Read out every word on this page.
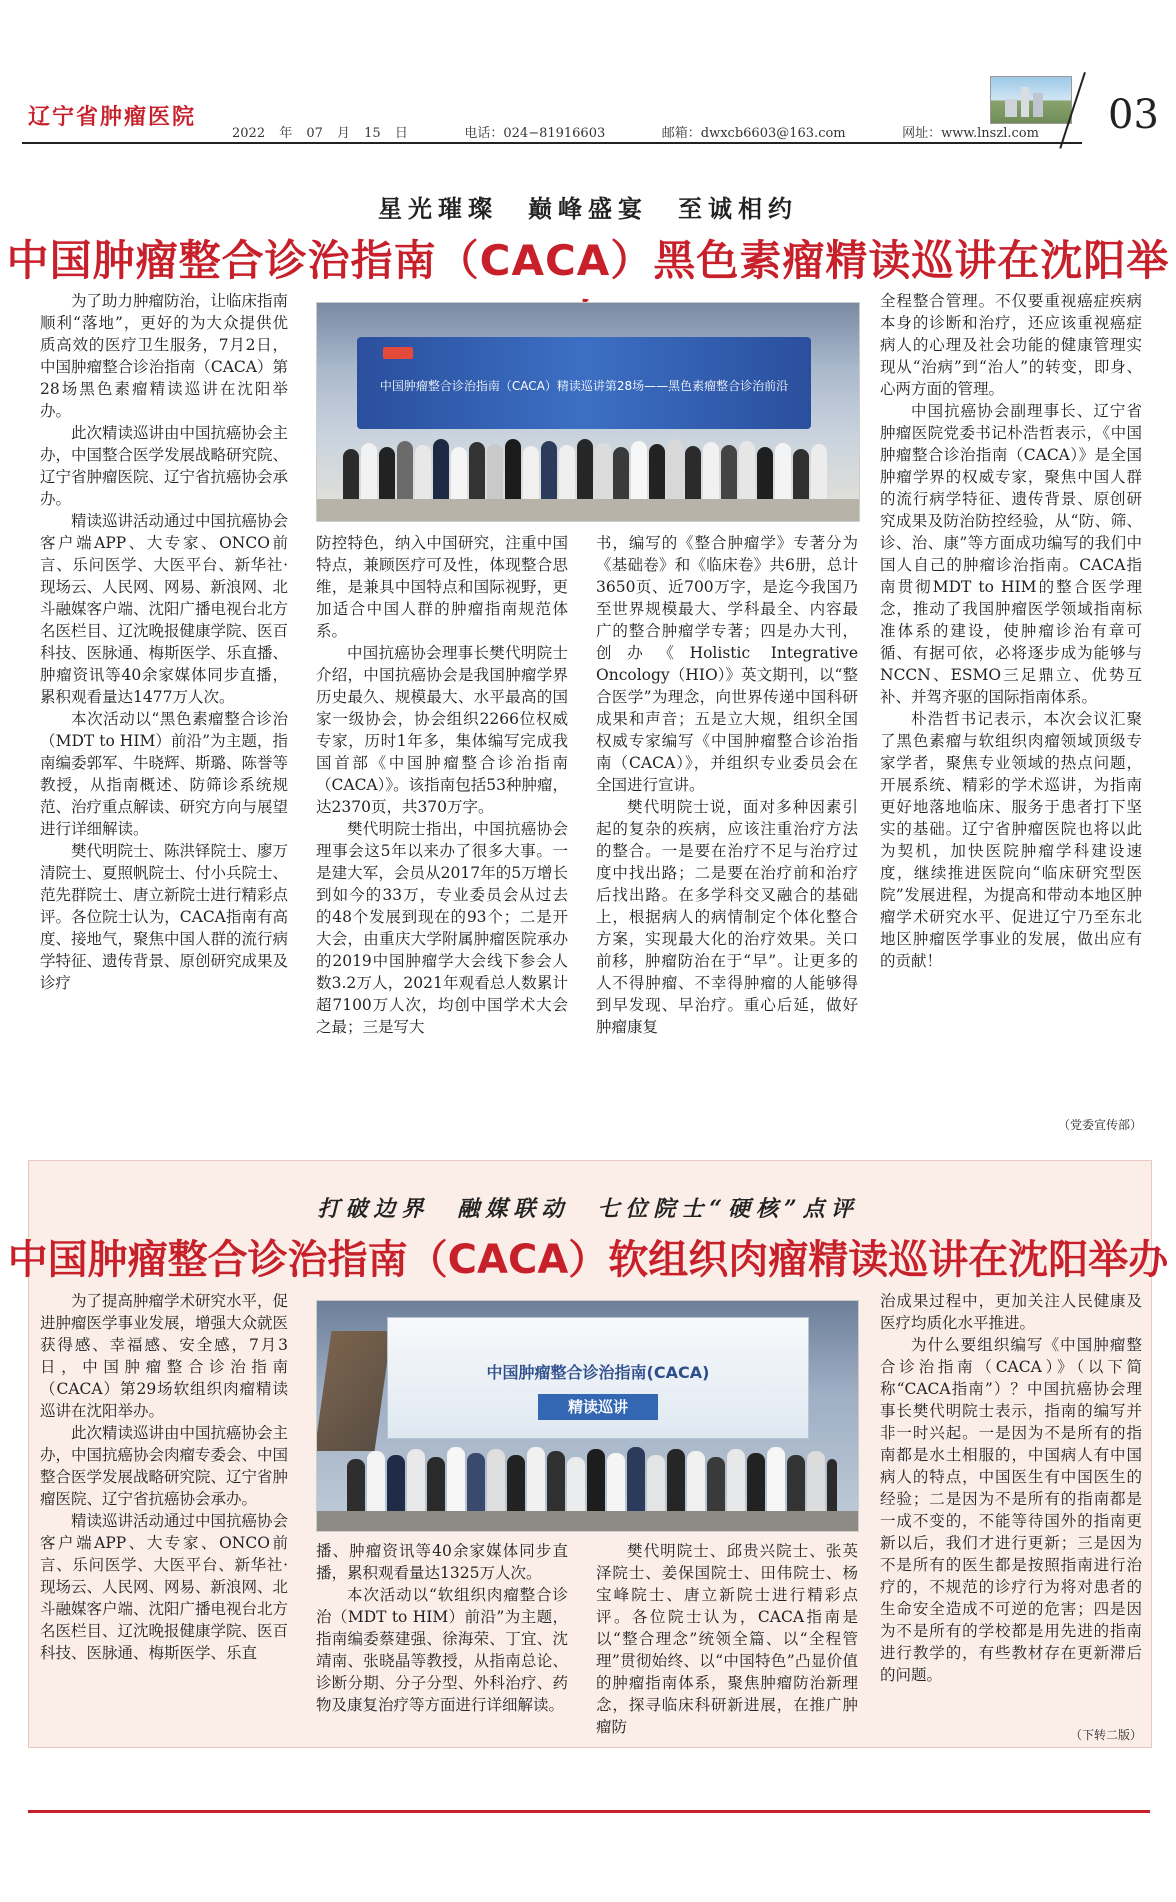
辽宁省肿瘤医院
2022 年 07 月 15 日	电话：024−81916603	邮箱：dwxcb6603@163.com	网址：www.lnszl.com 03
星光璀璨　巅峰盛宴　至诚相约
中国肿瘤整合诊治指南（CACA）黑色素瘤精读巡讲在沈阳举

为了助力肿瘤防治，让临床指南顺利“落地”，更好的为大众提供优质高效的医疗卫生服务，7月2日，中国肿瘤整合诊治指南（CACA）第28场黑色素瘤精读巡讲在沈阳举办。

此次精读巡讲由中国抗癌协会主办，中国整合医学发展战略研究院、辽宁省肿瘤医院、辽宁省抗癌协会承办。

精读巡讲活动通过中国抗癌协会客户端APP、大专家、ONCO前言、乐问医学、大医平台、新华社·现场云、人民网、网易、新浪网、北斗融媒客户端、沈阳广播电视台北方名医栏目、辽沈晚报健康学院、医百科技、医脉通、梅斯医学、乐直播、肿瘤资讯等40余家媒体同步直播，累积观看量达1477万人次。

本次活动以“黑色素瘤整合诊治（MDT to HIM）前沿”为主题，指南编委郭军、牛晓辉、斯璐、陈誉等教授，从指南概述、防筛诊系统规范、治疗重点解读、研究方向与展望进行详细解读。

樊代明院士、陈洪铎院士、廖万清院士、夏照帆院士、付小兵院士、范先群院士、唐立新院士进行精彩点评。各位院士认为，CACA指南有高度、接地气，聚焦中国人群的流行病学特征、遗传背景、原创研究成果及诊疗

中国肿瘤整合诊治指南（CACA）精读巡讲第28场——黑色素瘤整合诊治前沿

防控特色，纳入中国研究，注重中国特点，兼顾医疗可及性，体现整合思维，是兼具中国特点和国际视野，更加适合中国人群的肿瘤指南规范体系。

中国抗癌协会理事长樊代明院士介绍，中国抗癌协会是我国肿瘤学界历史最久、规模最大、水平最高的国家一级协会，协会组织2266位权威专家，历时1年多，集体编写完成我国首部《中国肿瘤整合诊治指南（CACA）》。该指南包括53种肿瘤，达2370页，共370万字。

樊代明院士指出，中国抗癌协会理事会这5年以来办了很多大事。一是建大军，会员从2017年的5万增长到如今的33万，专业委员会从过去的48个发展到现在的93个；二是开大会，由重庆大学附属肿瘤医院承办的2019中国肿瘤学大会线下参会人数3.2万人，2021年观看总人数累计超7100万人次，均创中国学术大会之最；三是写大

书，编写的《整合肿瘤学》专著分为《基础卷》和《临床卷》共6册，总计3650页、近700万字，是迄今我国乃至世界规模最大、学科最全、内容最广的整合肿瘤学专著；四是办大刊，创办《Holistic Integrative Oncology（HIO）》英文期刊，以“整合医学”为理念，向世界传递中国科研成果和声音；五是立大规，组织全国权威专家编写《中国肿瘤整合诊治指南（CACA）》，并组织专业委员会在全国进行宣讲。

樊代明院士说，面对多种因素引起的复杂的疾病，应该注重治疗方法的整合。一是要在治疗不足与治疗过度中找出路；二是要在治疗前和治疗后找出路。在多学科交叉融合的基础上，根据病人的病情制定个体化整合方案，实现最大化的治疗效果。关口前移，肿瘤防治在于“早”。让更多的人不得肿瘤、不幸得肿瘤的人能够得到早发现、早治疗。重心后延，做好肿瘤康复

全程整合管理。不仅要重视癌症疾病本身的诊断和治疗，还应该重视癌症病人的心理及社会功能的健康管理实现从“治病”到“治人”的转变，即身、心两方面的管理。

中国抗癌协会副理事长、辽宁省肿瘤医院党委书记朴浩哲表示，《中国肿瘤整合诊治指南（CACA）》是全国肿瘤学界的权威专家，聚焦中国人群的流行病学特征、遗传背景、原创研究成果及防治防控经验，从“防、筛、诊、治、康”等方面成功编写的我们中国人自己的肿瘤诊治指南。CACA指南贯彻MDT to HIM的整合医学理念，推动了我国肿瘤医学领域指南标准体系的建设，使肿瘤诊治有章可循、有据可依，必将逐步成为能够与NCCN、ESMO三足鼎立、优势互补、并驾齐驱的国际指南体系。

朴浩哲书记表示，本次会议汇聚了黑色素瘤与软组织肉瘤领域顶级专家学者，聚焦专业领域的热点问题，开展系统、精彩的学术巡讲，为指南更好地落地临床、服务于患者打下坚实的基础。辽宁省肿瘤医院也将以此为契机，加快医院肿瘤学科建设速度，继续推进医院向“临床研究型医院”发展进程，为提高和带动本地区肿瘤学术研究水平、促进辽宁乃至东北地区肿瘤医学事业的发展，做出应有的贡献！

（党委宣传部）
打破边界　融媒联动　七位院士“硬核”点评
中国肿瘤整合诊治指南（CACA）软组织肉瘤精读巡讲在沈阳举办

为了提高肿瘤学术研究水平，促进肿瘤医学事业发展，增强大众就医获得感、幸福感、安全感，7月3日，中国肿瘤整合诊治指南（CACA）第29场软组织肉瘤精读巡讲在沈阳举办。

此次精读巡讲由中国抗癌协会主办，中国抗癌协会肉瘤专委会、中国整合医学发展战略研究院、辽宁省肿瘤医院、辽宁省抗癌协会承办。

精读巡讲活动通过中国抗癌协会客户端APP、大专家、ONCO前言、乐问医学、大医平台、新华社·现场云、人民网、网易、新浪网、北斗融媒客户端、沈阳广播电视台北方名医栏目、辽沈晚报健康学院、医百科技、医脉通、梅斯医学、乐直

中国肿瘤整合诊治指南(CACA)
精读巡讲

播、肿瘤资讯等40余家媒体同步直播，累积观看量达1325万人次。

本次活动以“软组织肉瘤整合诊治（MDT to HIM）前沿”为主题，指南编委蔡建强、徐海荣、丁宜、沈靖南、张晓晶等教授，从指南总论、诊断分期、分子分型、外科治疗、药物及康复治疗等方面进行详细解读。

樊代明院士、邱贵兴院士、张英泽院士、姜保国院士、田伟院士、杨宝峰院士、唐立新院士进行精彩点评。各位院士认为，CACA指南是以“整合理念”统领全篇、以“全程管理”贯彻始终、以“中国特色”凸显价值的肿瘤指南体系，聚焦肿瘤防治新理念，探寻临床科研新进展，在推广肿瘤防

治成果过程中，更加关注人民健康及医疗均质化水平推进。

为什么要组织编写《中国肿瘤整合诊治指南（CACA）》（以下简称“CACA指南”）？中国抗癌协会理事长樊代明院士表示，指南的编写并非一时兴起。一是因为不是所有的指南都是水土相服的，中国病人有中国病人的特点，中国医生有中国医生的经验；二是因为不是所有的指南都是一成不变的，不能等待国外的指南更新以后，我们才进行更新；三是因为不是所有的医生都是按照指南进行治疗的，不规范的诊疗行为将对患者的生命安全造成不可逆的危害；四是因为不是所有的学校都是用先进的指南进行教学的，有些教材存在更新滞后的问题。

（下转二版）
